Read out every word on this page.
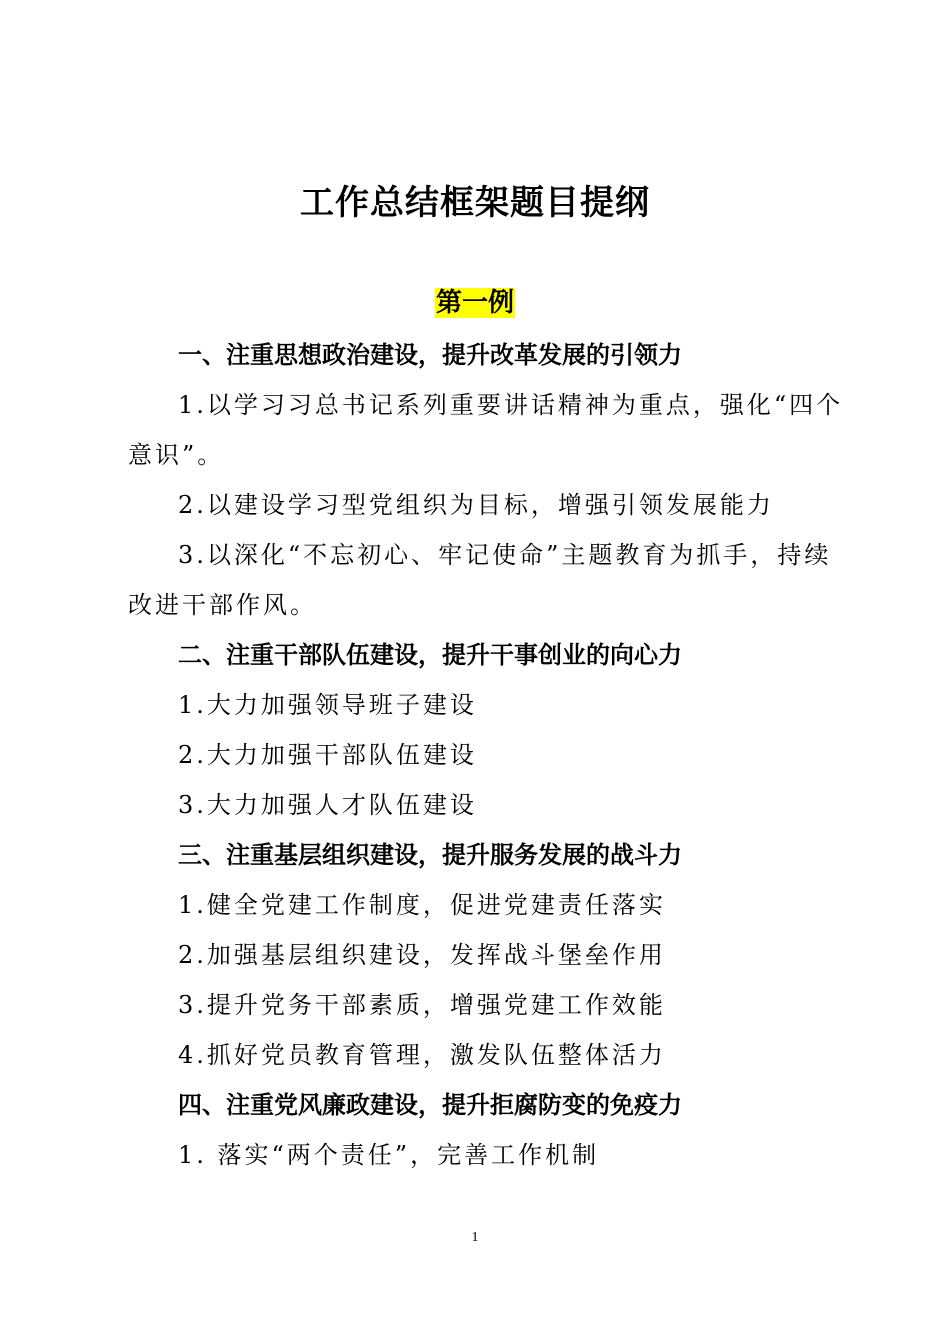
工作总结框架题目提纲
第一例
一、注重思想政治建设，提升改革发展的引领力
1.以学习习总书记系列重要讲话精神为重点，强化“四个
意识”。
2.以建设学习型党组织为目标，增强引领发展能力
3.以深化“不忘初心、牢记使命”主题教育为抓手，持续
改进干部作风。
二、注重干部队伍建设，提升干事创业的向心力
1.大力加强领导班子建设
2.大力加强干部队伍建设
3.大力加强人才队伍建设
三、注重基层组织建设，提升服务发展的战斗力
1.健全党建工作制度，促进党建责任落实
2.加强基层组织建设，发挥战斗堡垒作用
3.提升党务干部素质，增强党建工作效能
4.抓好党员教育管理，激发队伍整体活力
四、注重党风廉政建设，提升拒腐防变的免疫力
1. 落实“两个责任”，完善工作机制
1
